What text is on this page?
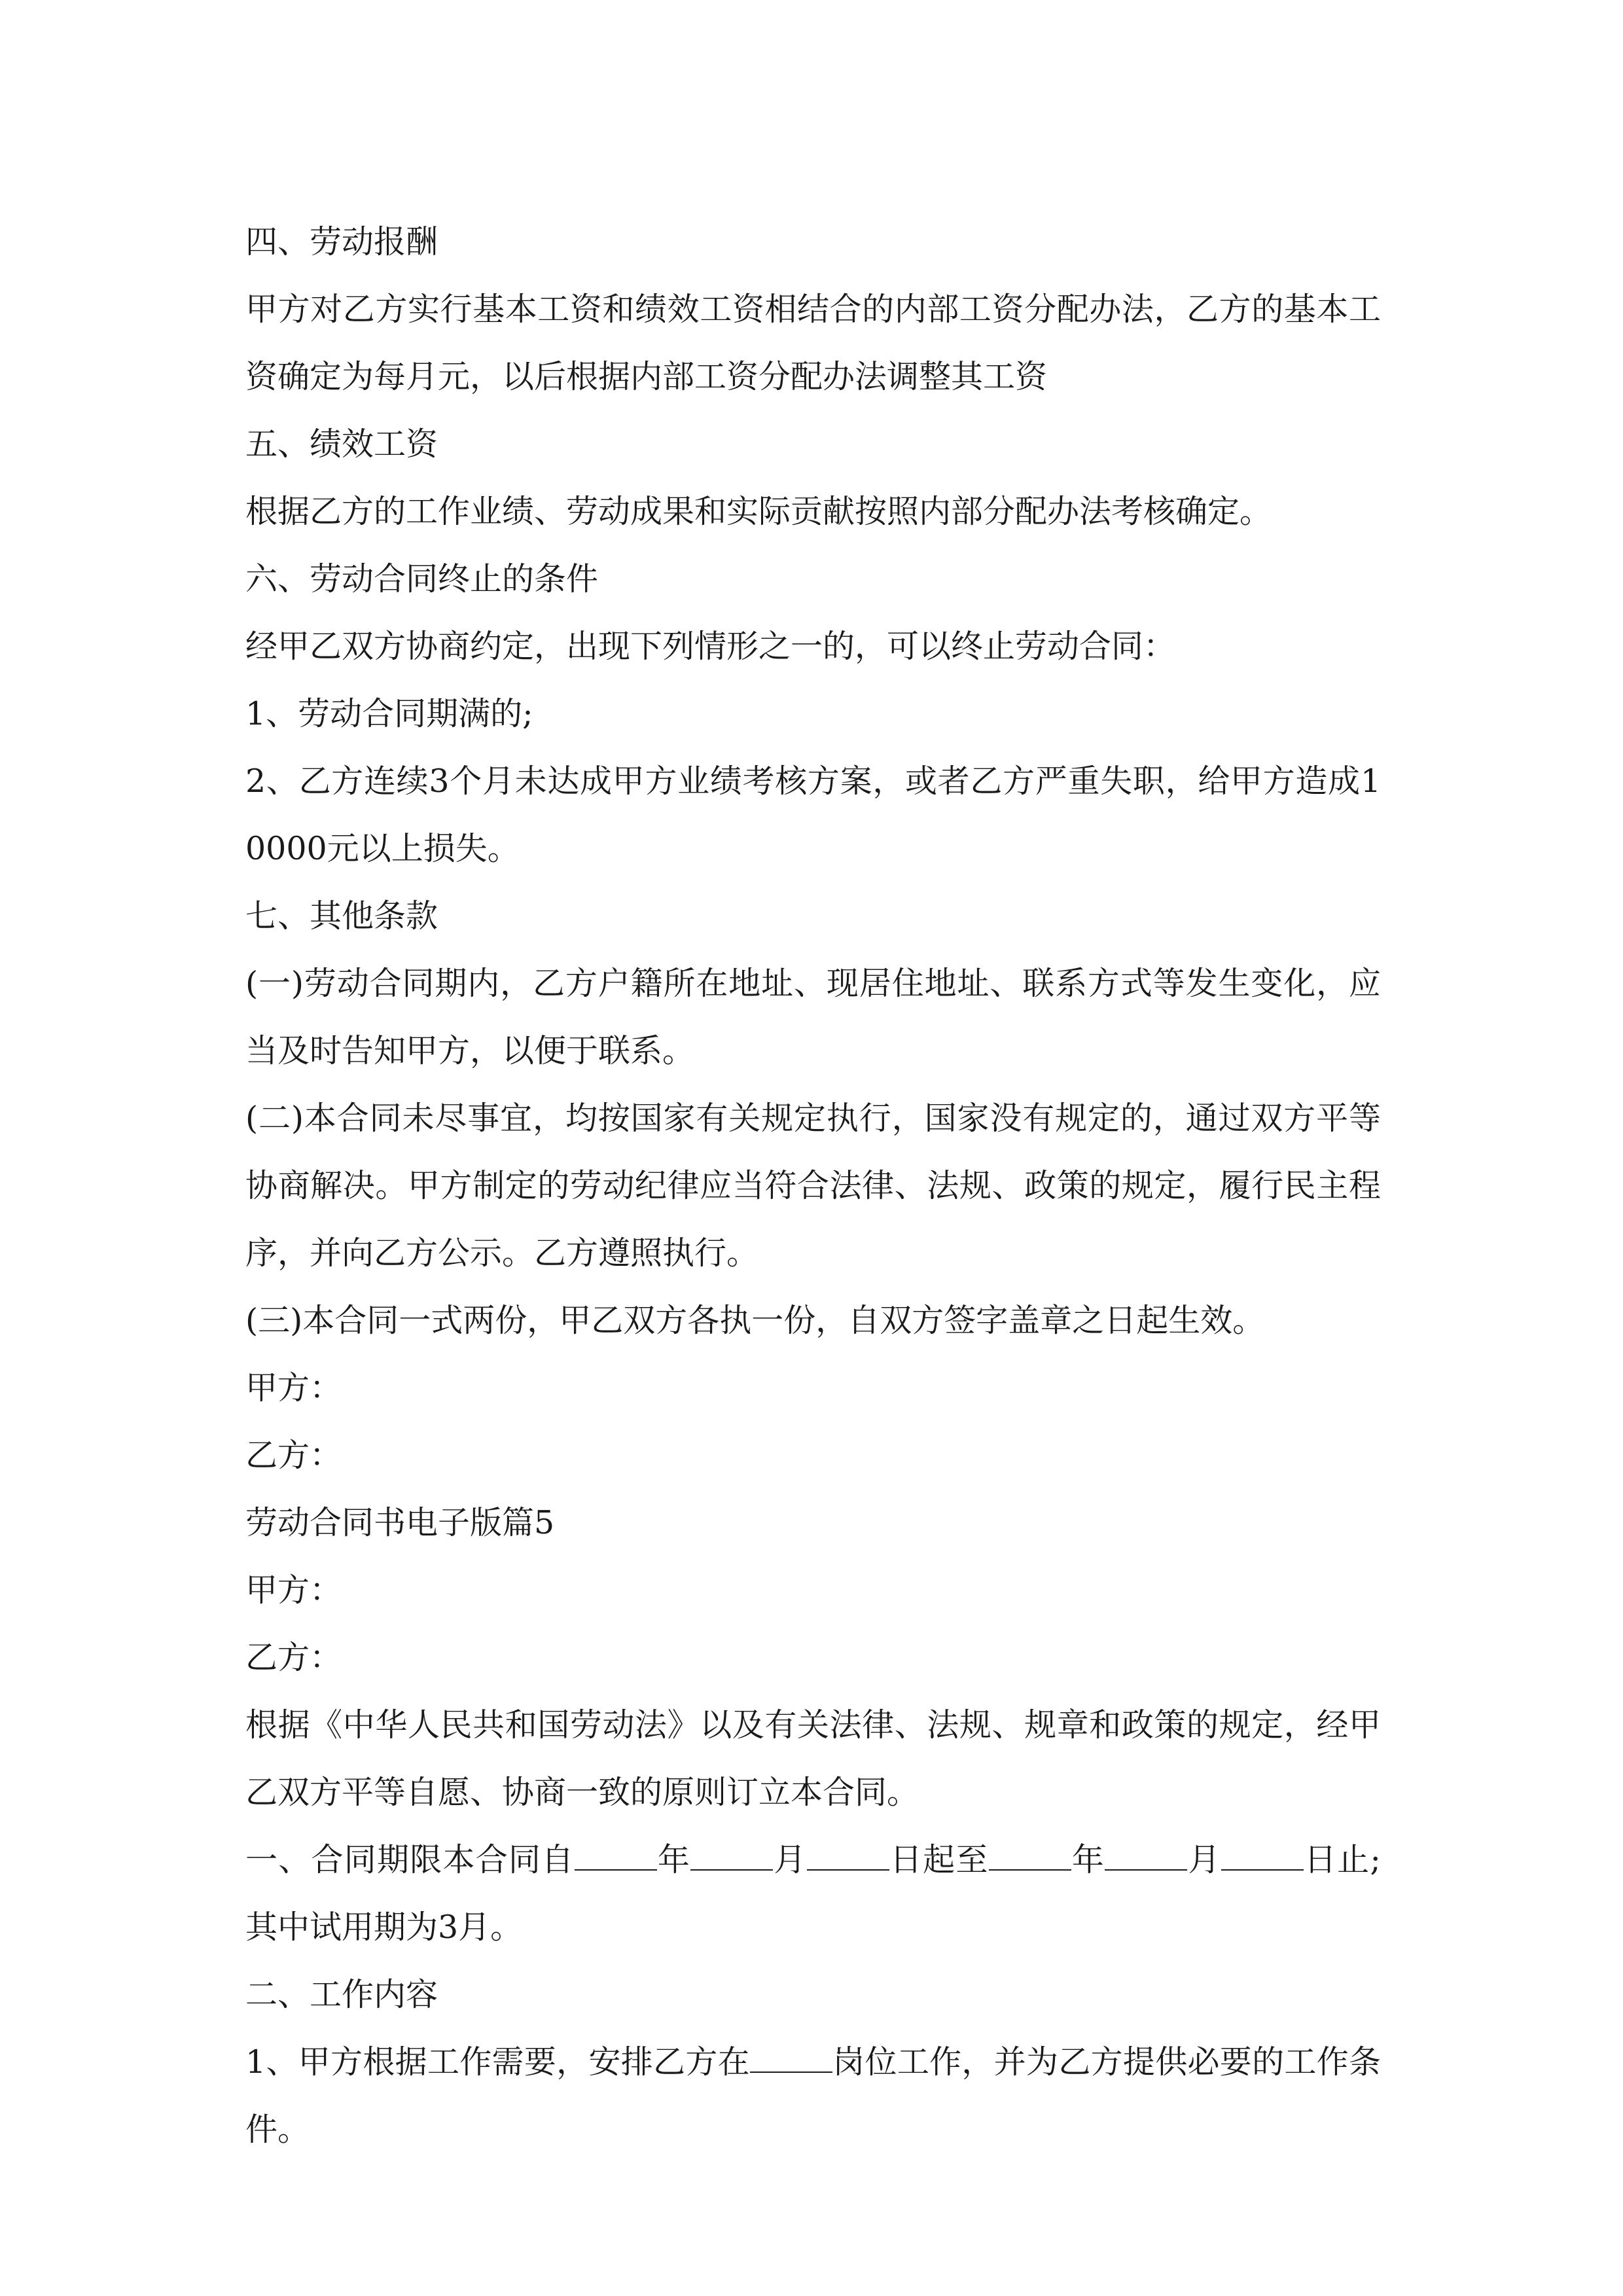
四、劳动报酬

甲方对乙方实行基本工资和绩效工资相结合的内部工资分配办法，乙方的基本工资确定为每月元，以后根据内部工资分配办法调整其工资

五、绩效工资

根据乙方的工作业绩、劳动成果和实际贡献按照内部分配办法考核确定。

六、劳动合同终止的条件

经甲乙双方协商约定，出现下列情形之一的，可以终止劳动合同：

1、劳动合同期满的;

2、乙方连续3个月未达成甲方业绩考核方案，或者乙方严重失职，给甲方造成10000元以上损失。

七、其他条款

(一)劳动合同期内，乙方户籍所在地址、现居住地址、联系方式等发生变化，应当及时告知甲方，以便于联系。

(二)本合同未尽事宜，均按国家有关规定执行，国家没有规定的，通过双方平等协商解决。甲方制定的劳动纪律应当符合法律、法规、政策的规定，履行民主程序，并向乙方公示。乙方遵照执行。

(三)本合同一式两份，甲乙双方各执一份，自双方签字盖章之日起生效。

甲方：

乙方：

劳动合同书电子版篇5

甲方：

乙方：

根据《中华人民共和国劳动法》以及有关法律、法规、规章和政策的规定，经甲乙双方平等自愿、协商一致的原则订立本合同。

一、合同期限本合同自	年	月	日起至	年	月	日止;其中试用期为3月。

二、工作内容

1、甲方根据工作需要，安排乙方在	岗位工作，并为乙方提供必要的工作条件。
